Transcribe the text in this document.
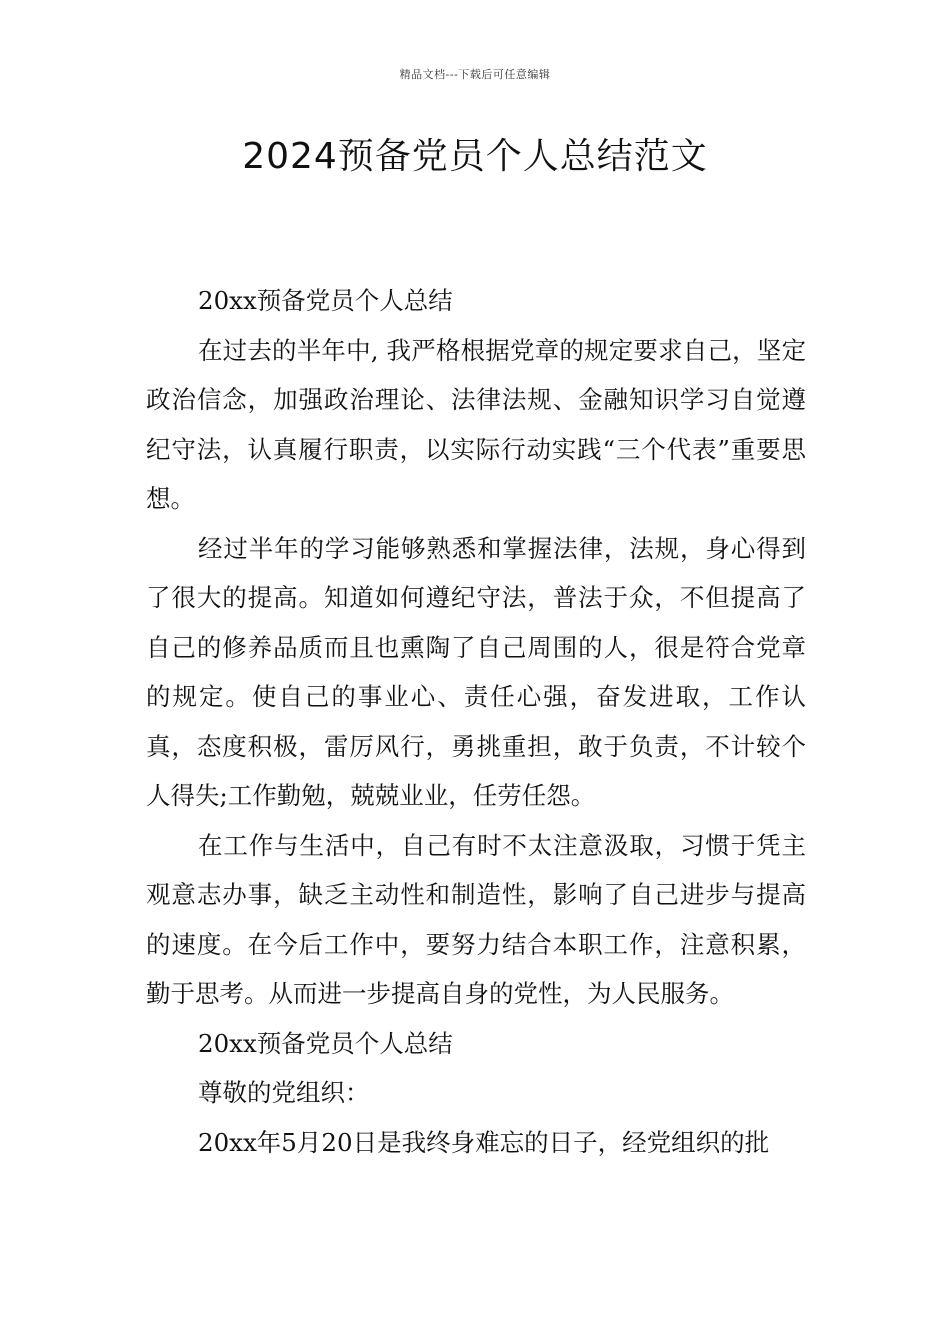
精品文档---下载后可任意编辑
2024预备党员个人总结范文

20xx预备党员个人总结

在过去的半年中, 我严格根据党章的规定要求自己，坚定政治信念，加强政治理论、法律法规、金融知识学习自觉遵纪守法，认真履行职责，以实际行动实践“三个代表”重要思想。

经过半年的学习能够熟悉和掌握法律，法规，身心得到了很大的提高。知道如何遵纪守法，普法于众，不但提高了自己的修养品质而且也熏陶了自己周围的人，很是符合党章的规定。使自己的事业心、责任心强，奋发进取，工作认真，态度积极，雷厉风行，勇挑重担，敢于负责，不计较个人得失;工作勤勉，兢兢业业，任劳任怨。

在工作与生活中，自己有时不太注意汲取，习惯于凭主观意志办事，缺乏主动性和制造性，影响了自己进步与提高的速度。在今后工作中，要努力结合本职工作，注意积累，勤于思考。从而进一步提高自身的党性，为人民服务。

20xx预备党员个人总结

尊敬的党组织：

20xx年5月20日是我终身难忘的日子，经党组织的批
